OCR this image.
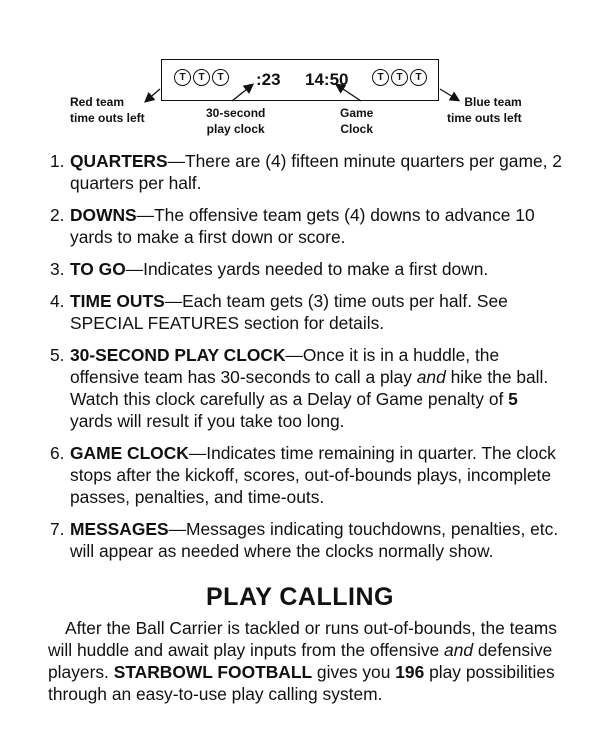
T	T	T	:23 14:50	T	T	T
Red team
time outs left	30-second
play clock
Game
Clock
Blue team
time outs left
1. QUARTERS—There are (4) fifteen minute quarters per game, 2 quarters per half.
2. DOWNS—The offensive team gets (4) downs to advance 10 yards to make a first down or score.
3. TO GO—Indicates yards needed to make a first down.
4. TIME OUTS—Each team gets (3) time outs per half. See SPECIAL FEATURES section for details.
5. 30-SECOND PLAY CLOCK—Once it is in a huddle, the offensive team has 30-seconds to call a play and hike the ball. Watch this clock carefully as a Delay of Game penalty of 5 yards will result if you take too long.
6. GAME CLOCK—Indicates time remaining in quarter. The clock stops after the kickoff, scores, out-of-bounds plays, incomplete passes, penalties, and time-outs.
7. MESSAGES—Messages indicating touchdowns, penalties, etc. will appear as needed where the clocks normally show.
PLAY CALLING

After the Ball Carrier is tackled or runs out-of-bounds, the teams will huddle and await play inputs from the offensive and defensive players. STARBOWL FOOTBALL gives you 196 play possibilities through an easy-to-use play calling system.
